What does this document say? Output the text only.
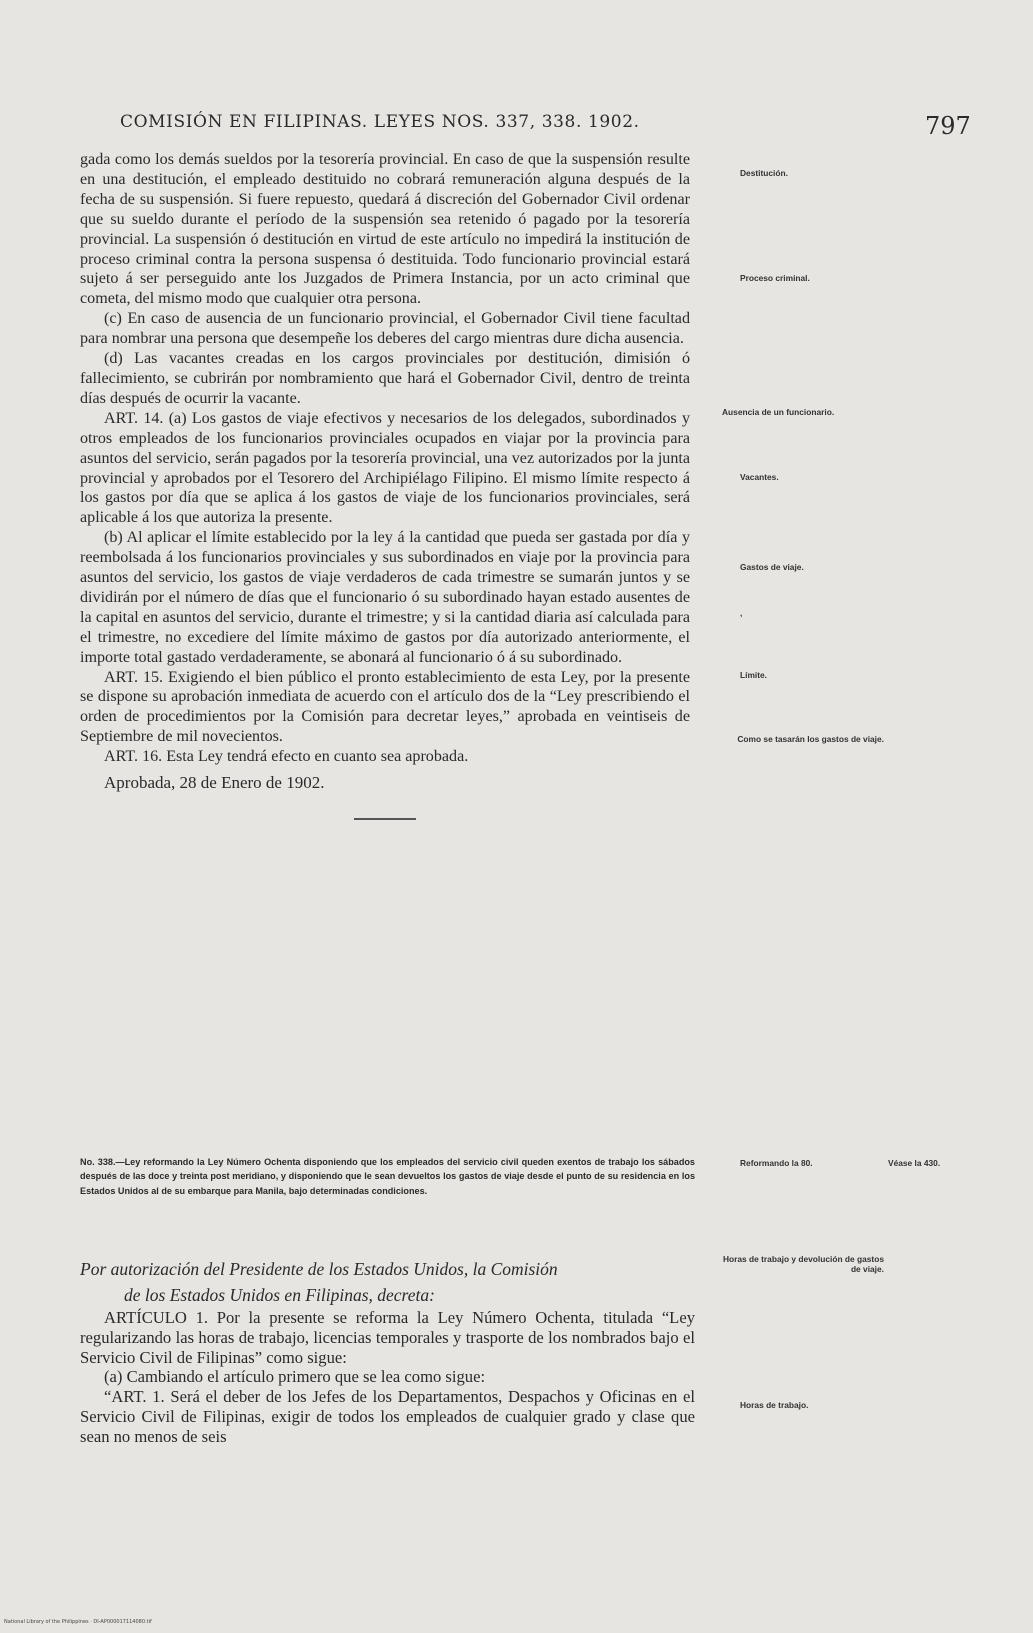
COMISIÓN EN FILIPINAS. LEYES NOS. 337, 338. 1902.	797

gada como los demás sueldos por la tesorería provincial. En caso de que la suspensión resulte en una destitución, el empleado destituido no cobrará remuneración alguna después de la fecha de su suspensión. Si fuere repuesto, quedará á discreción del Gobernador Civil ordenar que su sueldo durante el período de la suspensión sea retenido ó pagado por la tesorería provincial. La suspensión ó destitución en virtud de este artículo no impedirá la institución de proceso criminal contra la persona suspensa ó destituida. Todo funcionario provincial estará sujeto á ser perseguido ante los Juzgados de Primera Instancia, por un acto criminal que cometa, del mismo modo que cualquier otra persona.

(c) En caso de ausencia de un funcionario provincial, el Gobernador Civil tiene facultad para nombrar una persona que desempeñe los deberes del cargo mientras dure dicha ausencia.

(d) Las vacantes creadas en los cargos provinciales por destitución, dimisión ó fallecimiento, se cubrirán por nombramiento que hará el Gobernador Civil, dentro de treinta días después de ocurrir la vacante.

ART. 14. (a) Los gastos de viaje efectivos y necesarios de los delegados, subordinados y otros empleados de los funcionarios provinciales ocupados en viajar por la provincia para asuntos del servicio, serán pagados por la tesorería provincial, una vez autorizados por la junta provincial y aprobados por el Tesorero del Archipiélago Filipino. El mismo límite respecto á los gastos por día que se aplica á los gastos de viaje de los funcionarios provinciales, será aplicable á los que autoriza la presente.

(b) Al aplicar el límite establecido por la ley á la cantidad que pueda ser gastada por día y reembolsada á los funcionarios provinciales y sus subordinados en viaje por la provincia para asuntos del servicio, los gastos de viaje verdaderos de cada trimestre se sumarán juntos y se dividirán por el número de días que el funcionario ó su subordinado hayan estado ausentes de la capital en asuntos del servicio, durante el trimestre; y si la cantidad diaria así calculada para el trimestre, no excediere del límite máximo de gastos por día autorizado anteriormente, el importe total gastado verdaderamente, se abonará al funcionario ó á su subordinado.

ART. 15. Exigiendo el bien público el pronto establecimiento de esta Ley, por la presente se dispone su aprobación inmediata de acuerdo con el artículo dos de la “Ley prescribiendo el orden de procedimientos por la Comisión para decretar leyes,” aprobada en veintiseis de Septiembre de mil novecientos.

ART. 16. Esta Ley tendrá efecto en cuanto sea aprobada.

Aprobada, 28 de Enero de 1902.

No. 338.—Ley reformando la Ley Número Ochenta disponiendo que los empleados del servicio civil queden exentos de trabajo los sábados después de las doce y treinta post meridiano, y disponiendo que le sean devueltos los gastos de viaje desde el punto de su residencia en los Estados Unidos al de su embarque para Manila, bajo determinadas condiciones.
Por autorización del Presidente de los Estados Unidos, la Comisión
de los Estados Unidos en Filipinas, decreta:

ARTÍCULO 1. Por la presente se reforma la Ley Número Ochenta, titulada “Ley regularizando las horas de trabajo, licencias temporales y trasporte de los nombrados bajo el Servicio Civil de Filipinas” como sigue:

(a) Cambiando el artículo primero que se lea como sigue:

“ART. 1. Será el deber de los Jefes de los Departamentos, Despachos y Oficinas en el Servicio Civil de Filipinas, exigir de todos los empleados de cualquier grado y clase que sean no menos de seis

Destitución.
Proceso criminal.
Ausencia de un funcionario.
Vacantes.
Gastos de viaje.
,
Límite.
Como se tasarán los gastos de viaje.
Reformando la 80.	Véase la 430.
Horas de trabajo y devolución de gastos de viaje.
Horas de trabajo.
National Library of the Philippines · DI-AP000017114080.tif
